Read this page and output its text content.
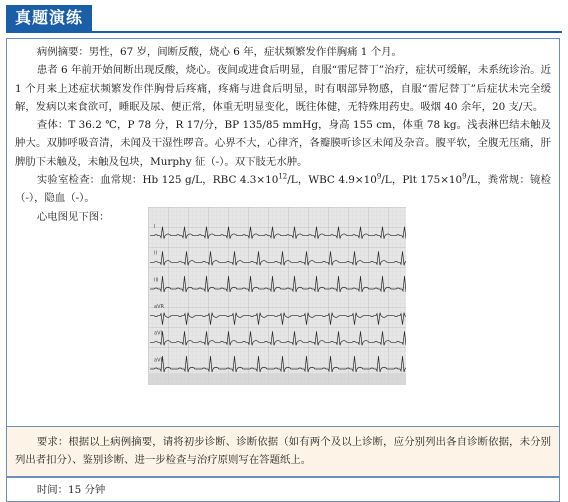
真题演练

病例摘要：男性，67 岁，间断反酸，烧心 6 年，症状频繁发作伴胸痛 1 个月。

患者 6 年前开始间断出现反酸，烧心。夜间或进食后明显，自服“雷尼替丁”治疗，症状可缓解，未系统诊治。近 1 个月来上述症状频繁发作伴胸骨后疼痛，疼痛与进食后明显，时有咽部异物感，自服“雷尼替丁”后症状未完全缓解，发病以来食欲可，睡眠及尿、便正常，体重无明显变化，既往体健，无特殊用药史。吸烟 40 余年，20 支/天。

查体：T 36.2 ℃，P 78 分，R 17/分，BP 135/85 mmHg，身高 155 cm，体重 78 kg。浅表淋巴结未触及肿大。双肺呼吸音清，未闻及干湿性啰音。心界不大，心律齐，各瓣膜听诊区未闻及杂音。腹平软，全腹无压痛，肝脾肋下未触及，未触及包块，Murphy 征（-）。双下肢无水肿。

实验室检查：血常规：Hb 125 g/L，RBC $4.3\times 10^{12}/L$，WBC $4.9\times 10^9/L$，Plt $175\times 10^9/L$，粪常规：镜检（-），隐血（-）。

心电图见下图：

I
II
III
aVR
aVL
aVF

要求：根据以上病例摘要，请将初步诊断、诊断依据（如有两个及以上诊断，应分别列出各自诊断依据，未分别列出者扣分）、鉴别诊断、进一步检查与治疗原则写在答题纸上。

时间：15 分钟
